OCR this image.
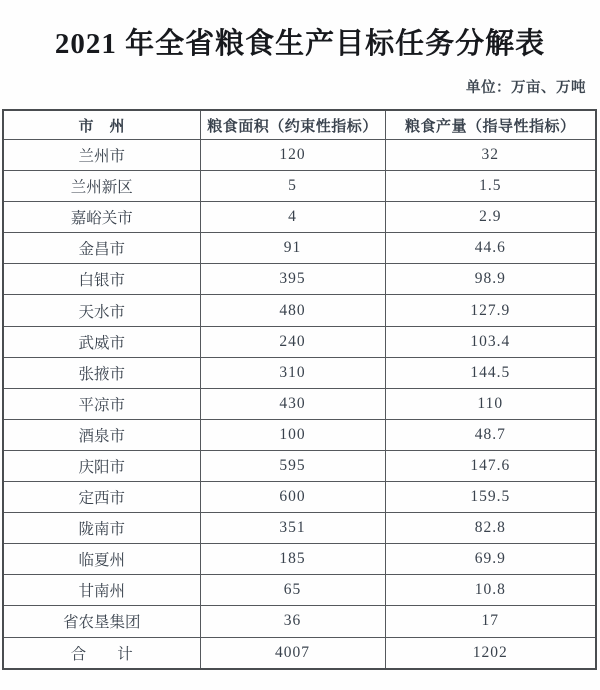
2021 年全省粮食生产目标任务分解表
单位：万亩、万吨
市　州	粮食面积（约束性指标）	粮食产量（指导性指标）
兰州市	120	32
兰州新区	5	1.5
嘉峪关市	4	2.9
金昌市	91	44.6
白银市	395	98.9
天水市	480	127.9
武威市	240	103.4
张掖市	310	144.5
平凉市	430	110
酒泉市	100	48.7
庆阳市	595	147.6
定西市	600	159.5
陇南市	351	82.8
临夏州	185	69.9
甘南州	65	10.8
省农垦集团	36	17
合　　计	4007	1202
